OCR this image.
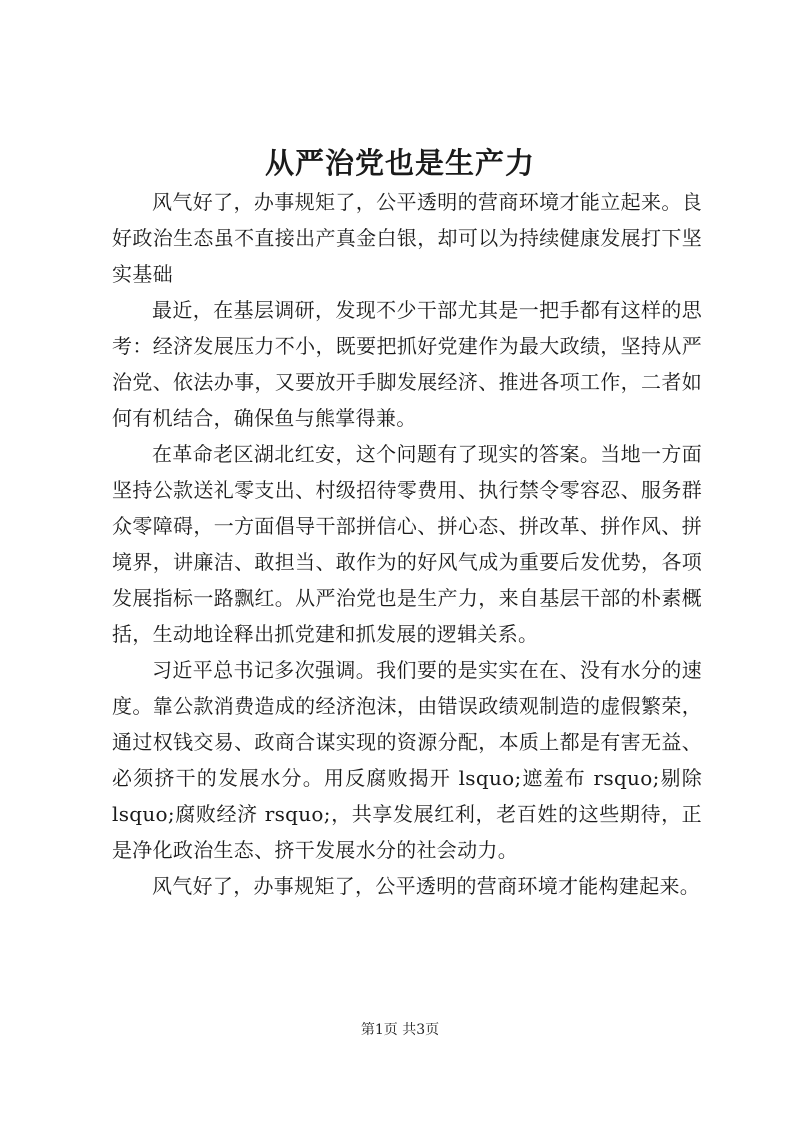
从严治党也是生产力

风气好了，办事规矩了，公平透明的营商环境才能立起来。良好政治生态虽不直接出产真金白银，却可以为持续健康发展打下坚实基础

最近，在基层调研，发现不少干部尤其是一把手都有这样的思考：经济发展压力不小，既要把抓好党建作为最大政绩，坚持从严治党、依法办事，又要放开手脚发展经济、推进各项工作，二者如何有机结合，确保鱼与熊掌得兼。

在革命老区湖北红安，这个问题有了现实的答案。当地一方面坚持公款送礼零支出、村级招待零费用、执行禁令零容忍、服务群众零障碍，一方面倡导干部拼信心、拼心态、拼改革、拼作风、拼境界，讲廉洁、敢担当、敢作为的好风气成为重要后发优势，各项发展指标一路飘红。从严治党也是生产力，来自基层干部的朴素概括，生动地诠释出抓党建和抓发展的逻辑关系。

习近平总书记多次强调。我们要的是实实在在、没有水分的速度。靠公款消费造成的经济泡沫，由错误政绩观制造的虚假繁荣，通过权钱交易、政商合谋实现的资源分配，本质上都是有害无益、必须挤干的发展水分。用反腐败揭开 lsquo;遮羞布 rsquo;剔除 lsquo;腐败经济 rsquo;，共享发展红利，老百姓的这些期待，正是净化政治生态、挤干发展水分的社会动力。

风气好了，办事规矩了，公平透明的营商环境才能构建起来。

第1页 共3页
